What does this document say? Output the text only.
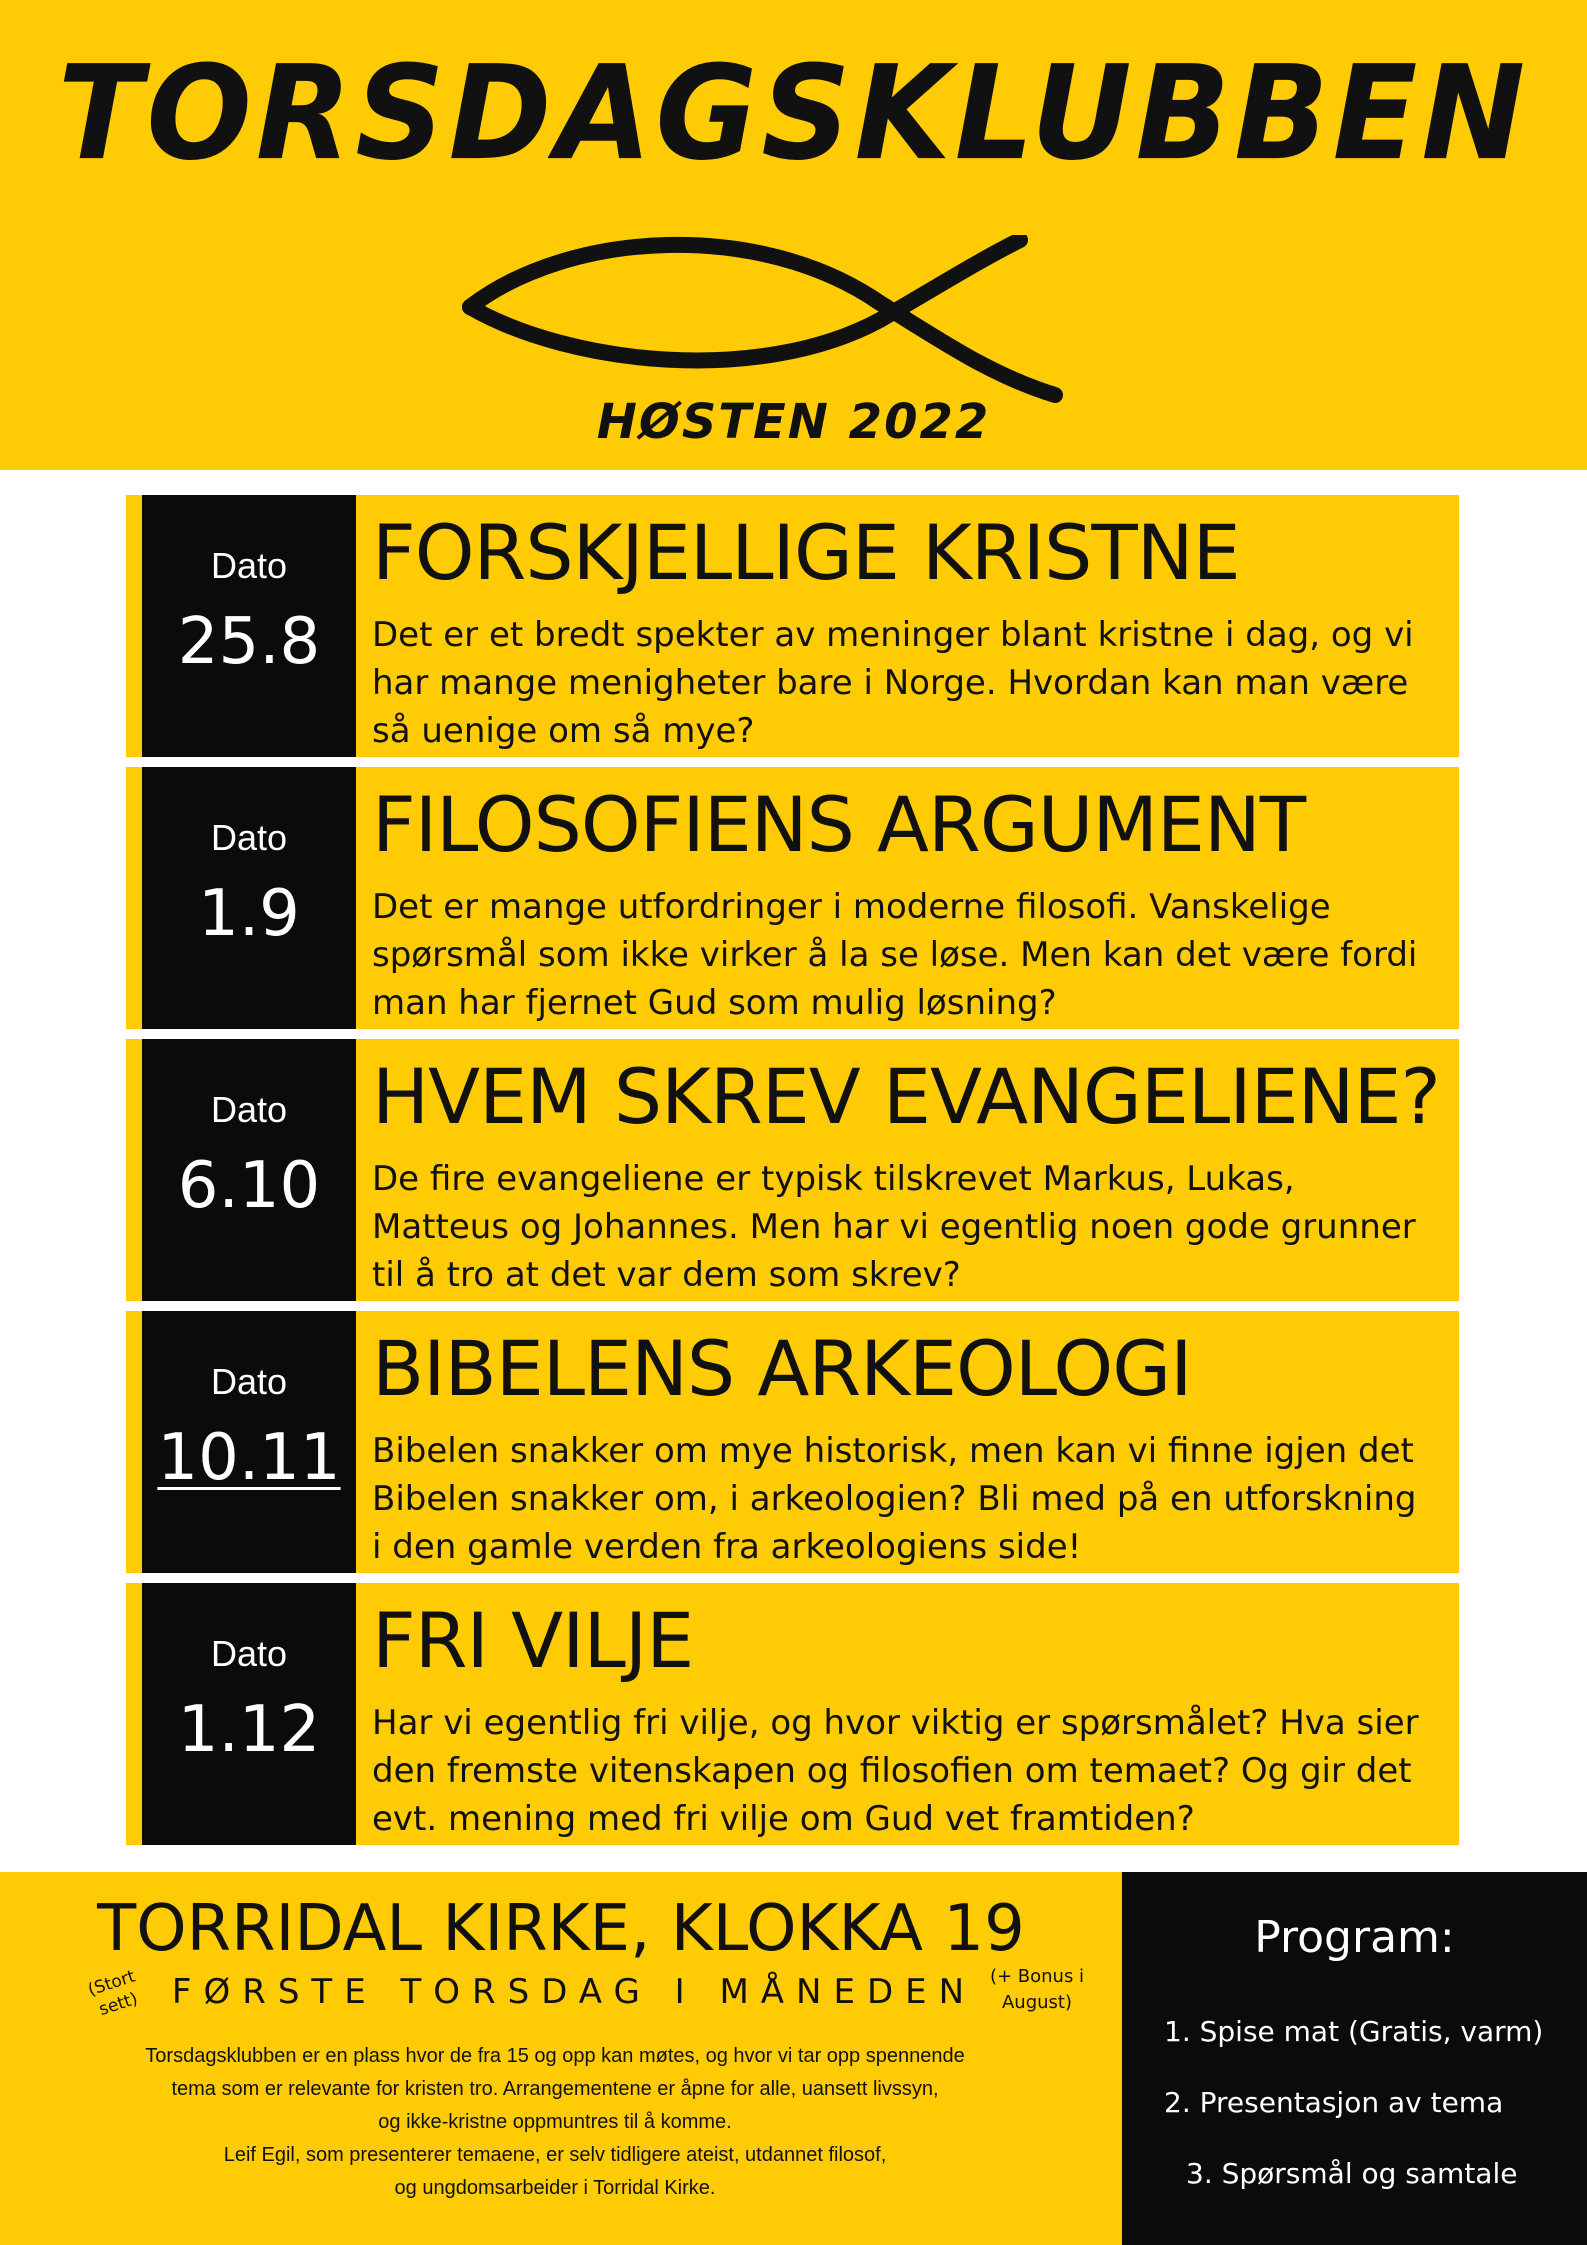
TORSDAGSKLUBBEN
HØSTEN 2022
Dato
25.8
FORSKJELLIGE KRISTNE
Det er et bredt spekter av meninger blant kristne i dag, og vi har mange menigheter bare i Norge. Hvordan kan man være så uenige om så mye?
Dato
1.9
FILOSOFIENS ARGUMENT
Det er mange utfordringer i moderne filosofi. Vanskelige spørsmål som ikke virker å la se løse. Men kan det være fordi man har fjernet Gud som mulig løsning?
Dato
6.10
HVEM SKREV EVANGELIENE?
De fire evangeliene er typisk tilskrevet Markus, Lukas, Matteus og Johannes. Men har vi egentlig noen gode grunner til å tro at det var dem som skrev?
Dato
10.11
BIBELENS ARKEOLOGI
Bibelen snakker om mye historisk, men kan vi finne igjen det Bibelen snakker om, i arkeologien? Bli med på en utforskning i den gamle verden fra arkeologiens side!
Dato
1.12
FRI VILJE
Har vi egentlig fri vilje, og hvor viktig er spørsmålet? Hva sier den fremste vitenskapen og filosofien om temaet? Og gir det evt. mening med fri vilje om Gud vet framtiden?
TORRIDAL KIRKE, KLOKKA 19
(Stort sett) FØRSTE TORSDAG I MÅNEDEN (+ Bonus i August)
Torsdagsklubben er en plass hvor de fra 15 og opp kan møtes, og hvor vi tar opp spennende
tema som er relevante for kristen tro. Arrangementene er åpne for alle, uansett livssyn,
og ikke-kristne oppmuntres til å komme.
Leif Egil, som presenterer temaene, er selv tidligere ateist, utdannet filosof,
og ungdomsarbeider i Torridal Kirke.
Program:
1. Spise mat (Gratis, varm)
2. Presentasjon av tema
3. Spørsmål og samtale
